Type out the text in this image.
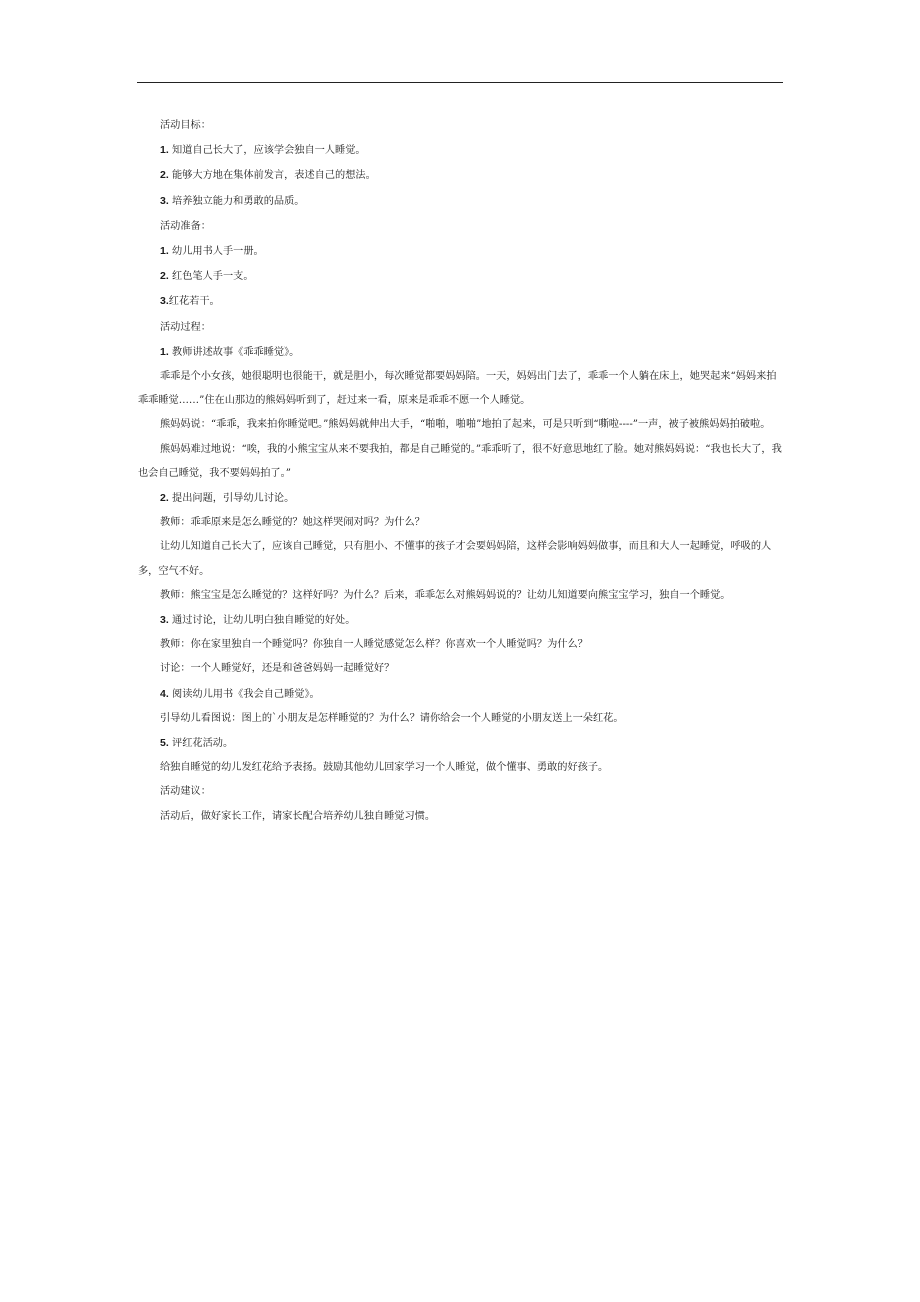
活动目标：

1. 知道自己长大了，应该学会独自一人睡觉。

2. 能够大方地在集体前发言，表述自己的想法。

3. 培养独立能力和勇敢的品质。

活动准备：

1. 幼儿用书人手一册。

2. 红色笔人手一支。

3.红花若干。

活动过程：

1. 教师讲述故事《乖乖睡觉》。

乖乖是个小女孩，她很聪明也很能干，就是胆小，每次睡觉都要妈妈陪。一天，妈妈出门去了，乖乖一个人躺在床上，她哭起来“妈妈来拍乖乖睡觉……”住在山那边的熊妈妈听到了，赶过来一看，原来是乖乖不愿一个人睡觉。

熊妈妈说：“乖乖，我来拍你睡觉吧。”熊妈妈就伸出大手，“啪啪，啪啪”地拍了起来，可是只听到“嘶啦----”一声，被子被熊妈妈拍破啦。

熊妈妈难过地说：“唉，我的小熊宝宝从来不要我拍，都是自己睡觉的。”乖乖听了，很不好意思地红了脸。她对熊妈妈说：“我也长大了，我也会自己睡觉，我不要妈妈拍了。”

2. 提出问题，引导幼儿讨论。

教师：乖乖原来是怎么睡觉的？她这样哭闹对吗？为什么？

让幼儿知道自己长大了，应该自己睡觉，只有胆小、不懂事的孩子才会要妈妈陪，这样会影响妈妈做事，而且和大人一起睡觉，呼吸的人多，空气不好。

教师：熊宝宝是怎么睡觉的？这样好吗？为什么？后来，乖乖怎么对熊妈妈说的？让幼儿知道要向熊宝宝学习，独自一个睡觉。

3. 通过讨论，让幼儿明白独自睡觉的好处。

教师：你在家里独自一个睡觉吗？你独自一人睡觉感觉怎么样？你喜欢一个人睡觉吗？为什么？

讨论：一个人睡觉好，还是和爸爸妈妈一起睡觉好？

4. 阅读幼儿用书《我会自己睡觉》。

引导幼儿看图说：图上的`小朋友是怎样睡觉的？为什么？请你给会一个人睡觉的小朋友送上一朵红花。

5. 评红花活动。

给独自睡觉的幼儿发红花给予表扬。鼓励其他幼儿回家学习一个人睡觉，做个懂事、勇敢的好孩子。

活动建议：

活动后，做好家长工作，请家长配合培养幼儿独自睡觉习惯。
